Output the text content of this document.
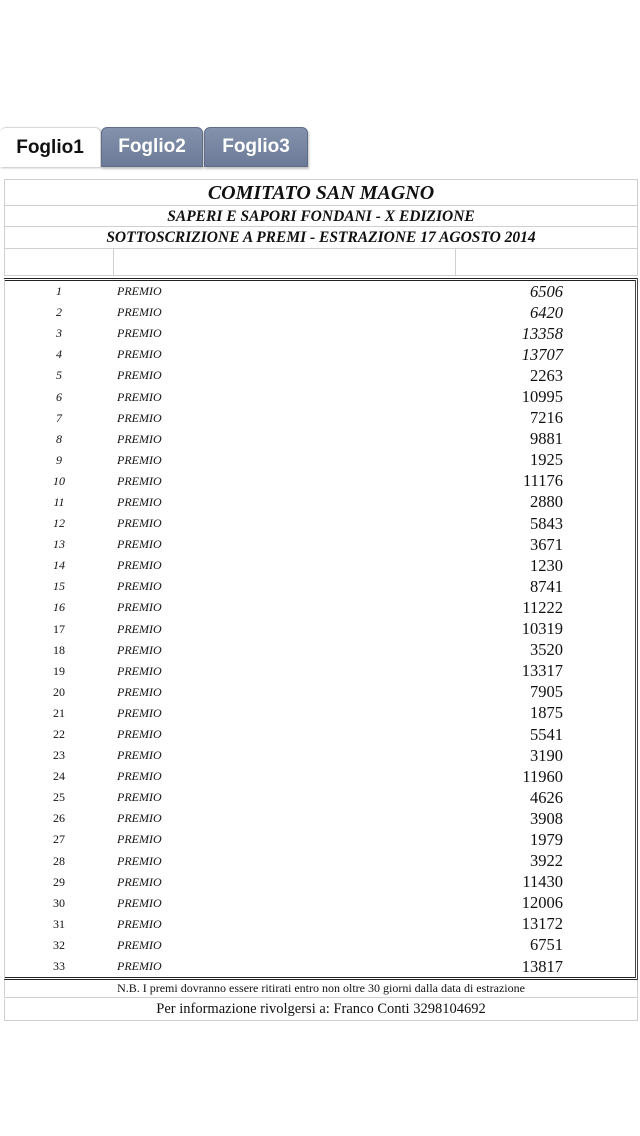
Foglio1	Foglio2	Foglio3
COMITATO SAN MAGNO
SAPERI E SAPORI FONDANI - X EDIZIONE
SOTTOSCRIZIONE A PREMI - ESTRAZIONE 17 AGOSTO 2014
1	PREMIO	6506
2	PREMIO	6420
3	PREMIO	13358
4	PREMIO	13707
5	PREMIO	2263
6	PREMIO	10995
7	PREMIO	7216
8	PREMIO	9881
9	PREMIO	1925
10	PREMIO	11176
11	PREMIO	2880
12	PREMIO	5843
13	PREMIO	3671
14	PREMIO	1230
15	PREMIO	8741
16	PREMIO	11222
17	PREMIO	10319
18	PREMIO	3520
19	PREMIO	13317
20	PREMIO	7905
21	PREMIO	1875
22	PREMIO	5541
23	PREMIO	3190
24	PREMIO	11960
25	PREMIO	4626
26	PREMIO	3908
27	PREMIO	1979
28	PREMIO	3922
29	PREMIO	11430
30	PREMIO	12006
31	PREMIO	13172
32	PREMIO	6751
33	PREMIO	13817
N.B. I premi dovranno essere ritirati entro non oltre 30 giorni dalla data di estrazione
Per informazione rivolgersi a: Franco Conti 3298104692
